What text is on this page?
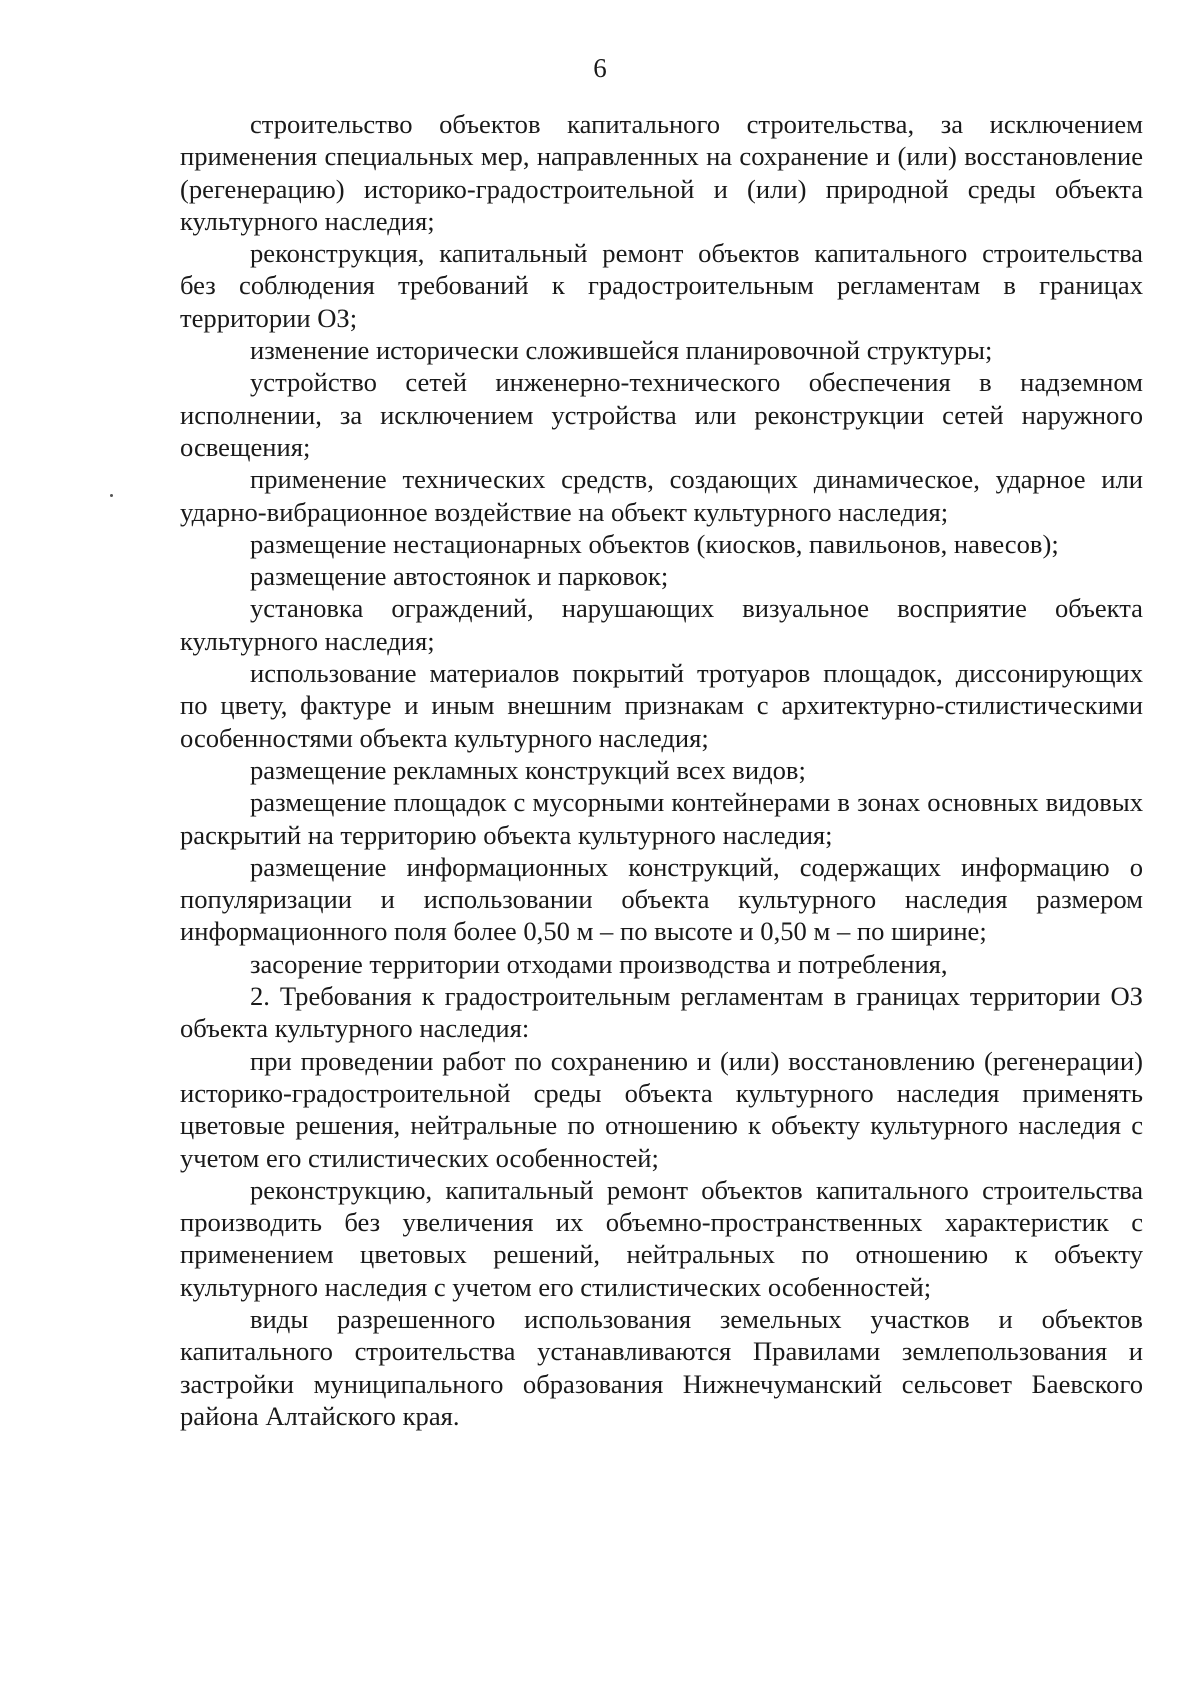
6

строительство объектов капитального строительства, за исключением применения специальных мер, направленных на сохранение и (или) восстановление (регенерацию) историко-градостроительной и (или) природной среды объекта культурного наследия;

реконструкция, капитальный ремонт объектов капитального строительства без соблюдения требований к градостроительным регламентам в границах территории ОЗ;

изменение исторически сложившейся планировочной структуры;

устройство сетей инженерно-технического обеспечения в надземном исполнении, за исключением устройства или реконструкции сетей наружного освещения;

применение технических средств, создающих динамическое, ударное или ударно-вибрационное воздействие на объект культурного наследия;

размещение нестационарных объектов (киосков, павильонов, навесов);

размещение автостоянок и парковок;

установка ограждений, нарушающих визуальное восприятие объекта культурного наследия;

использование материалов покрытий тротуаров площадок, диссонирующих по цвету, фактуре и иным внешним признакам с архитектурно-стилистическими особенностями объекта культурного наследия;

размещение рекламных конструкций всех видов;

размещение площадок с мусорными контейнерами в зонах основных видовых раскрытий на территорию объекта культурного наследия;

размещение информационных конструкций, содержащих информацию о популяризации и использовании объекта культурного наследия размером информационного поля более 0,50 м – по высоте и 0,50 м – по ширине;

засорение территории отходами производства и потребления,

2. Требования к градостроительным регламентам в границах территории ОЗ объекта культурного наследия:

при проведении работ по сохранению и (или) восстановлению (регенерации) историко-градостроительной среды объекта культурного наследия применять цветовые решения, нейтральные по отношению к объекту культурного наследия с учетом его стилистических особенностей;

реконструкцию, капитальный ремонт объектов капитального строительства производить без увеличения их объемно-пространственных характеристик с применением цветовых решений, нейтральных по отношению к объекту культурного наследия с учетом его стилистических особенностей;

виды разрешенного использования земельных участков и объектов капитального строительства устанавливаются Правилами землепользования и застройки муниципального образования Нижнечуманский сельсовет Баевского района Алтайского края.
